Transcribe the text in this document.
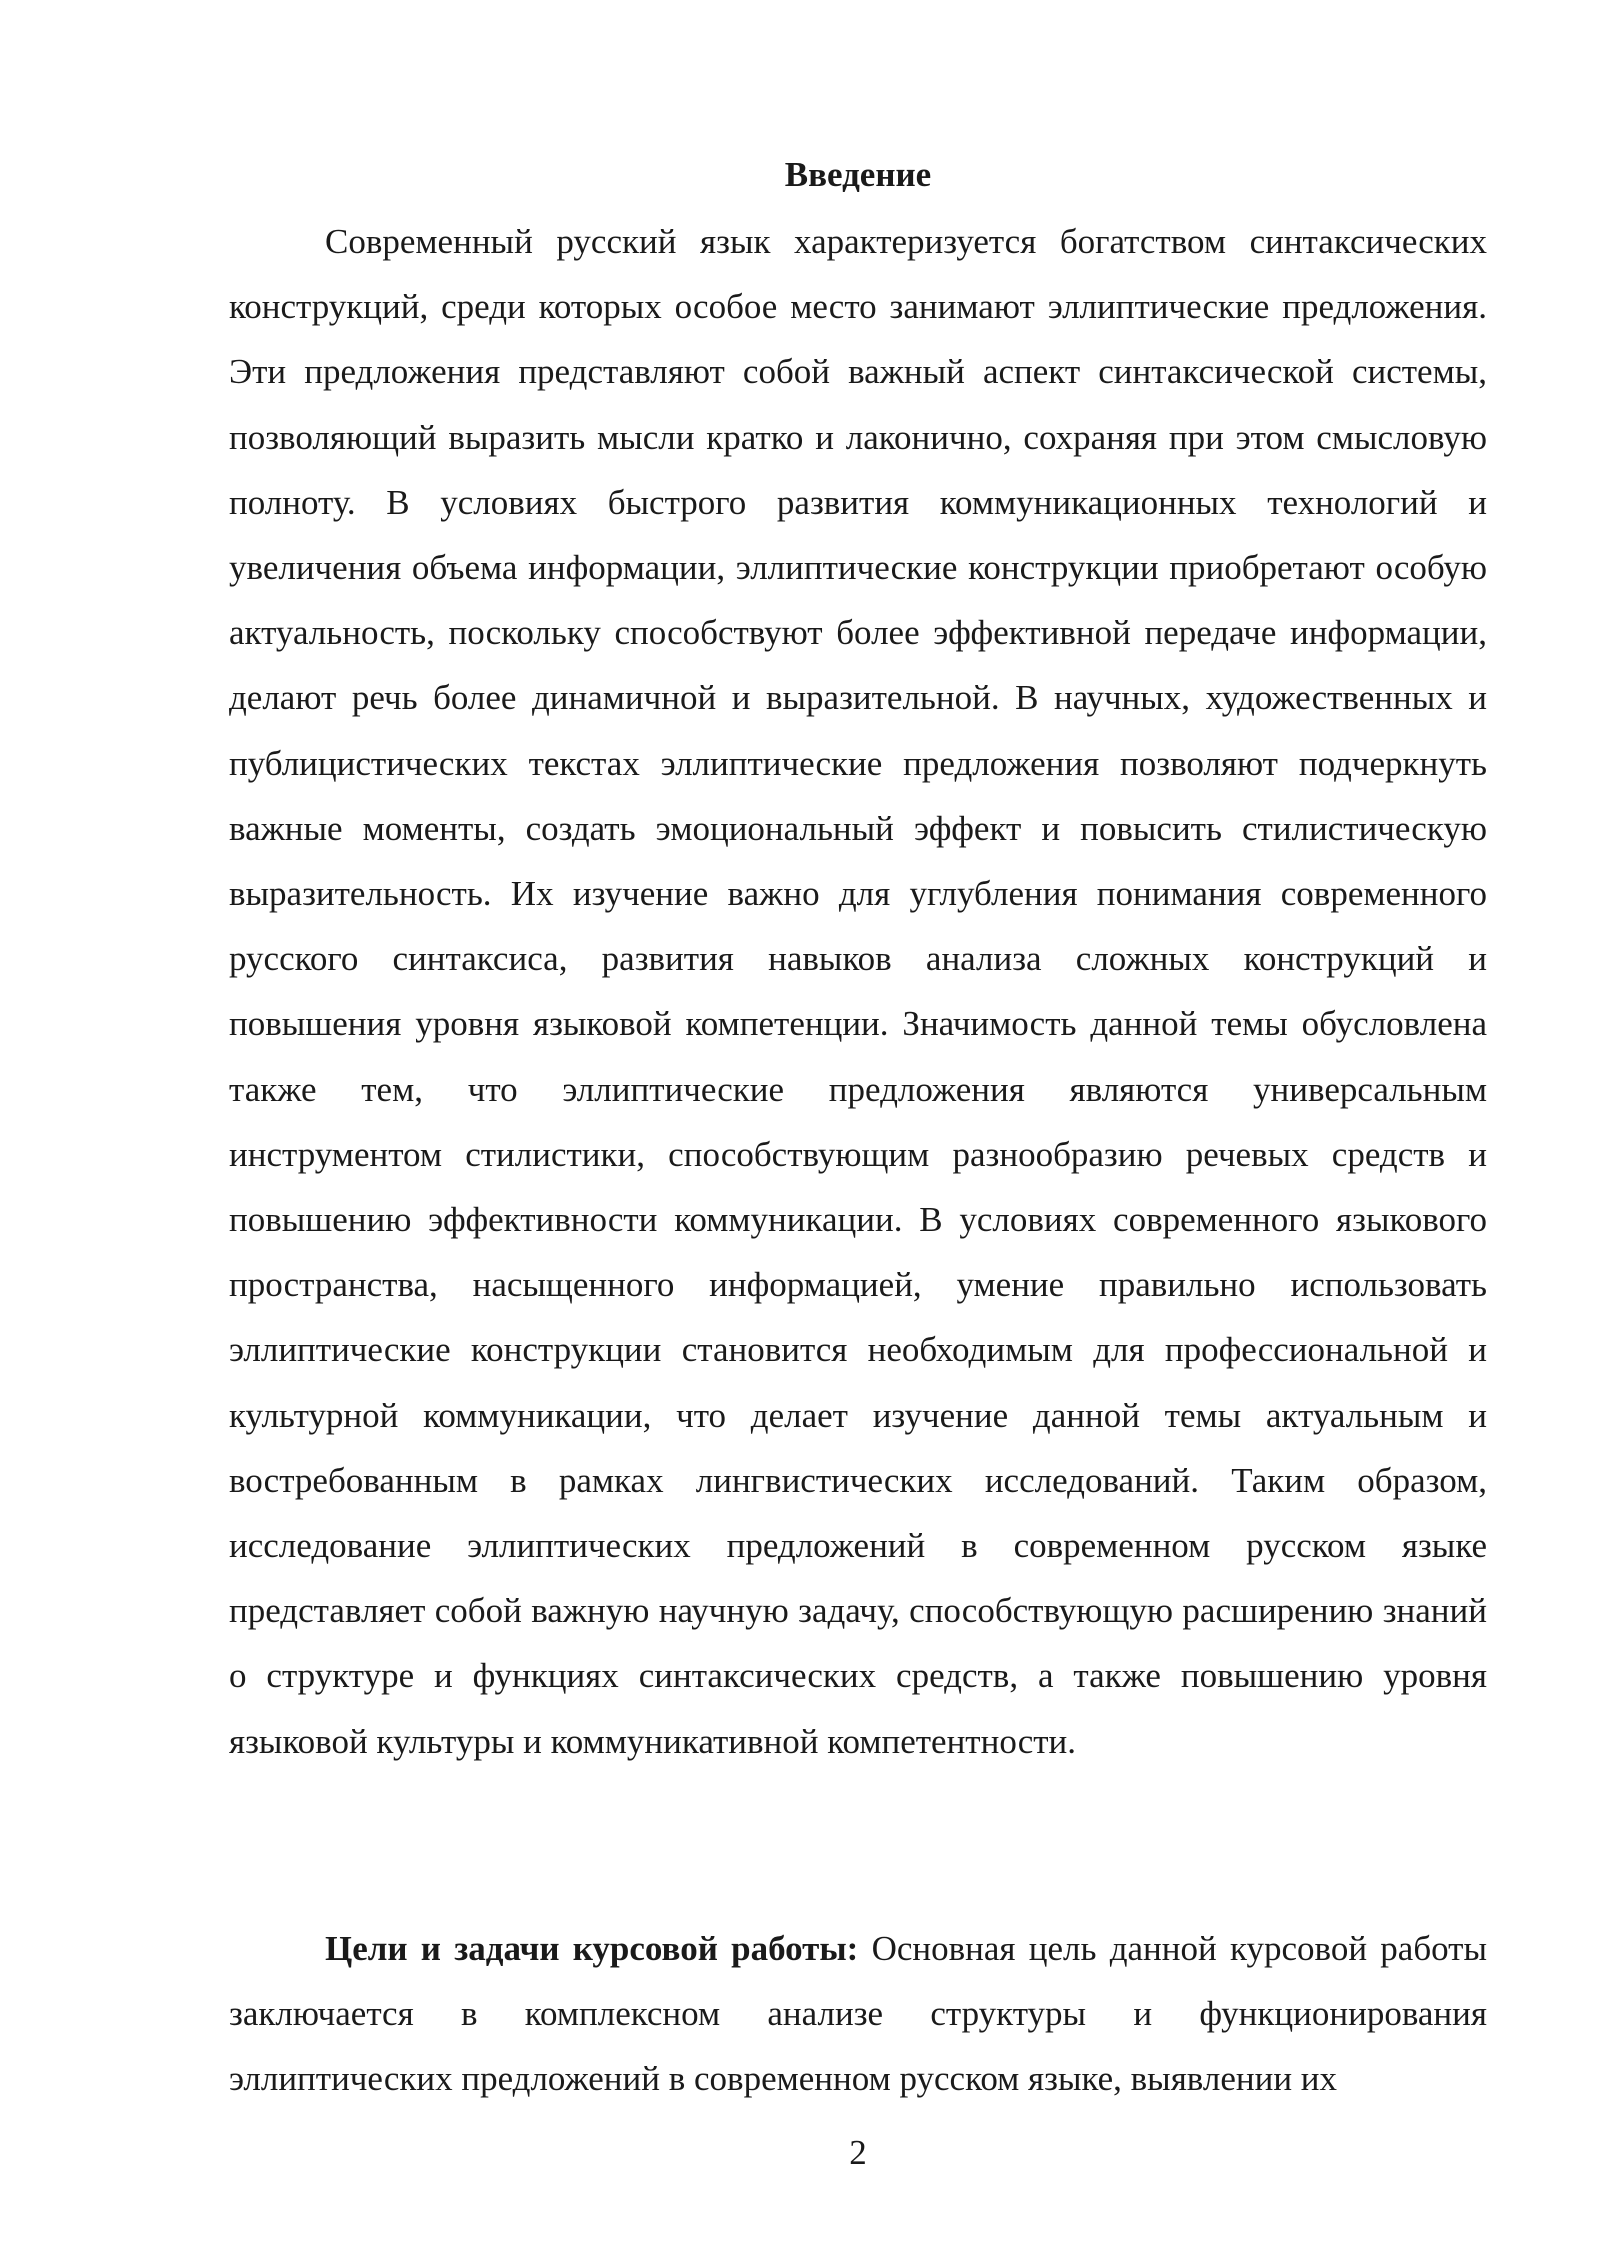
Введение

Современный русский язык характеризуется богатством синтаксических конструкций, среди которых особое место занимают эллиптические предложения. Эти предложения представляют собой важный аспект синтаксической системы, позволяющий выразить мысли кратко и лаконично, сохраняя при этом смысловую полноту. В условиях быстрого развития коммуникационных технологий и увеличения объема информации, эллиптические конструкции приобретают особую актуальность, поскольку способствуют более эффективной передаче информации, делают речь более динамичной и выразительной. В научных, художественных и публицистических текстах эллиптические предложения позволяют подчеркнуть важные моменты, создать эмоциональный эффект и повысить стилистическую выразительность. Их изучение важно для углубления понимания современного русского синтаксиса, развития навыков анализа сложных конструкций и повышения уровня языковой компетенции. Значимость данной темы обусловлена также тем, что эллиптические предложения являются универсальным инструментом стилистики, способствующим разнообразию речевых средств и повышению эффективности коммуникации. В условиях современного языкового пространства, насыщенного информацией, умение правильно использовать эллиптические конструкции становится необходимым для профессиональной и культурной коммуникации, что делает изучение данной темы актуальным и востребованным в рамках лингвистических исследований. Таким образом, исследование эллиптических предложений в современном русском языке представляет собой важную научную задачу, способствующую расширению знаний о структуре и функциях синтаксических средств, а также повышению уровня языковой культуры и коммуникативной компетентности.

Цели и задачи курсовой работы: Основная цель данной курсовой работы заключается в комплексном анализе структуры и функционирования эллиптических предложений в современном русском языке, выявлении их

2
